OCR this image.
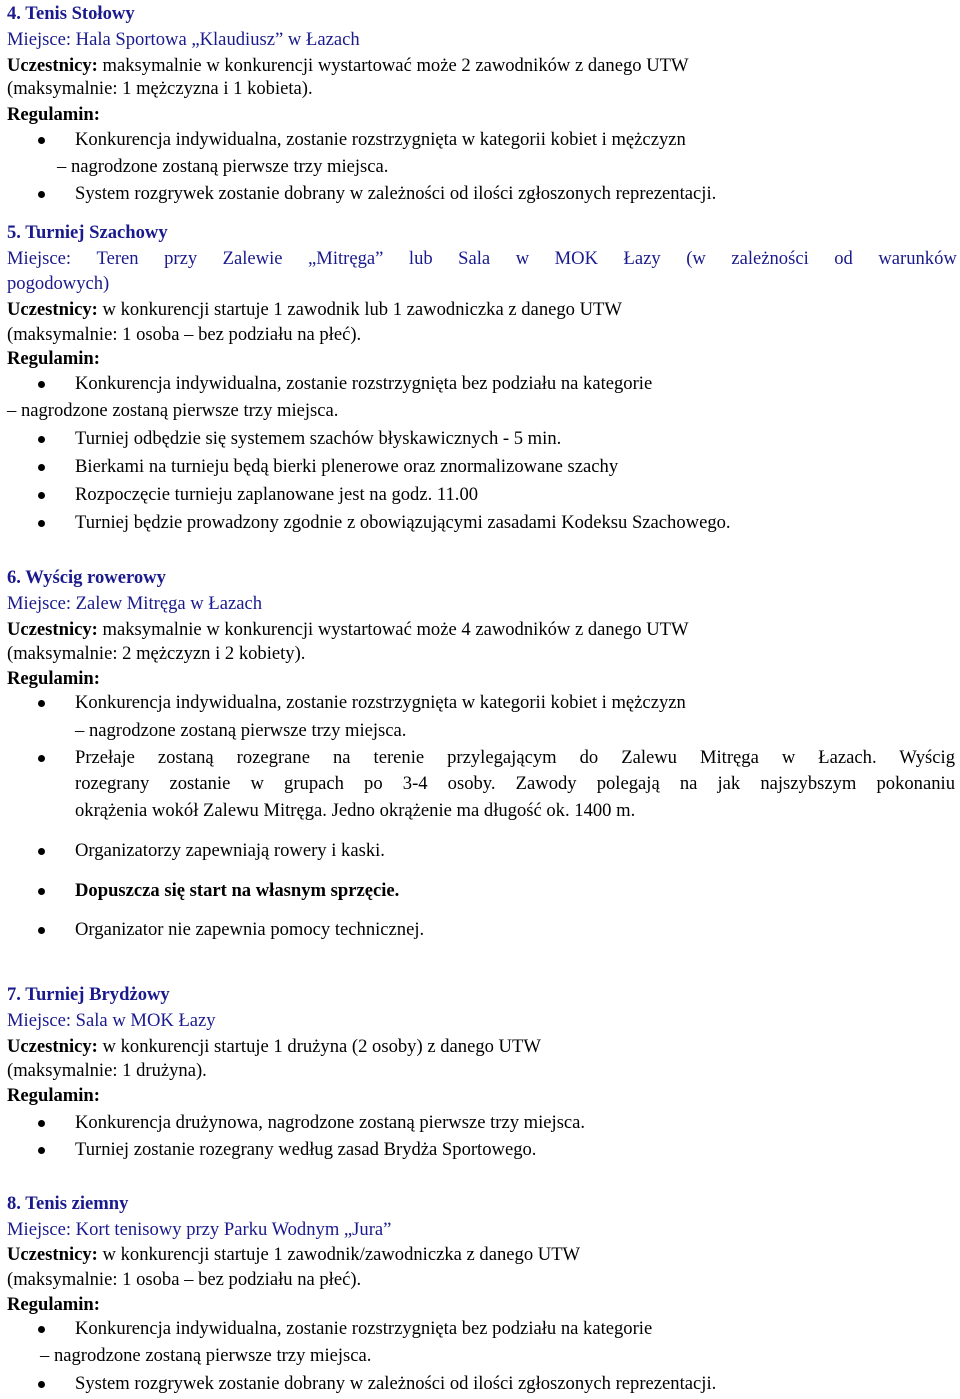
4. Tenis Stołowy
Miejsce: Hala Sportowa „Klaudiusz” w Łazach
Uczestnicy: maksymalnie w konkurencji wystartować może 2 zawodników z danego UTW
(maksymalnie: 1 mężczyzna i 1 kobieta).
Regulamin:
Konkurencja indywidualna, zostanie rozstrzygnięta w kategorii kobiet i mężczyzn
– nagrodzone zostaną pierwsze trzy miejsca.
System rozgrywek zostanie dobrany w zależności od ilości zgłoszonych reprezentacji.
5. Turniej Szachowy
Miejsce: Teren przy Zalewie „Mitręga” lub Sala w MOK Łazy (w zależności od warunków
pogodowych)
Uczestnicy: w konkurencji startuje 1 zawodnik lub 1 zawodniczka z danego UTW
(maksymalnie: 1 osoba – bez podziału na płeć).
Regulamin:
Konkurencja indywidualna, zostanie rozstrzygnięta bez podziału na kategorie
– nagrodzone zostaną pierwsze trzy miejsca.
Turniej odbędzie się systemem szachów błyskawicznych - 5 min.
Bierkami na turnieju będą bierki plenerowe oraz znormalizowane szachy
Rozpoczęcie turnieju zaplanowane jest na godz. 11.00
Turniej będzie prowadzony zgodnie z obowiązującymi zasadami Kodeksu Szachowego.
6. Wyścig rowerowy
Miejsce: Zalew Mitręga w Łazach
Uczestnicy: maksymalnie w konkurencji wystartować może 4 zawodników z danego UTW
(maksymalnie: 2 mężczyzn i 2 kobiety).
Regulamin:
Konkurencja indywidualna, zostanie rozstrzygnięta w kategorii kobiet i mężczyzn
– nagrodzone zostaną pierwsze trzy miejsca.
Przełaje zostaną rozegrane na terenie przylegającym do Zalewu Mitręga w Łazach. Wyścig
rozegrany zostanie w grupach po 3-4 osoby. Zawody polegają na jak najszybszym pokonaniu
okrążenia wokół Zalewu Mitręga. Jedno okrążenie ma długość ok. 1400 m.
Organizatorzy zapewniają rowery i kaski.
Dopuszcza się start na własnym sprzęcie.
Organizator nie zapewnia pomocy technicznej.
7. Turniej Brydżowy
Miejsce: Sala w MOK Łazy
Uczestnicy: w konkurencji startuje 1 drużyna (2 osoby) z danego UTW
(maksymalnie: 1 drużyna).
Regulamin:
Konkurencja drużynowa, nagrodzone zostaną pierwsze trzy miejsca.
Turniej zostanie rozegrany według zasad Brydża Sportowego.
8. Tenis ziemny
Miejsce: Kort tenisowy przy Parku Wodnym „Jura”
Uczestnicy: w konkurencji startuje 1 zawodnik/zawodniczka z danego UTW
(maksymalnie: 1 osoba – bez podziału na płeć).
Regulamin:
Konkurencja indywidualna, zostanie rozstrzygnięta bez podziału na kategorie
– nagrodzone zostaną pierwsze trzy miejsca.
System rozgrywek zostanie dobrany w zależności od ilości zgłoszonych reprezentacji.
